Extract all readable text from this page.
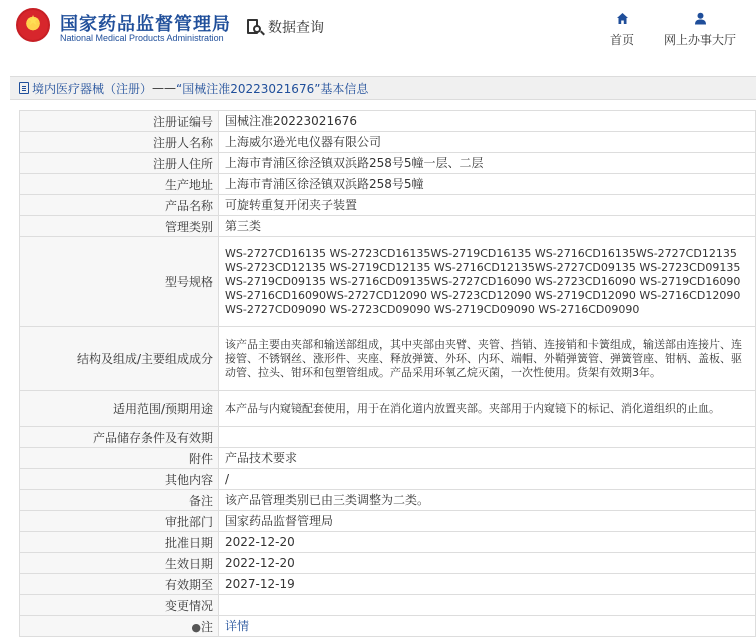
★	国家药品监督管理局
National Medical Products Administration
数据查询
首页	网上办事大厅
境内医疗器械（注册） —— “国械注准20223021676”基本信息
注册证编号	国械注准20223021676
注册人名称	上海威尔逊光电仪器有限公司
注册人住所	上海市青浦区徐泾镇双浜路258号5幢一层、二层
生产地址	上海市青浦区徐泾镇双浜路258号5幢
产品名称	可旋转重复开闭夹子装置
管理类别	第三类
型号规格	WS-2727CD16135 WS-2723CD16135WS-2719CD16135 WS-2716CD16135WS-2727CD12135 WS-2723CD12135 WS-2719CD12135 WS-2716CD12135WS-2727CD09135 WS-2723CD09135 WS-2719CD09135 WS-2716CD09135WS-2727CD16090 WS-2723CD16090 WS-2719CD16090 WS-2716CD16090WS-2727CD12090 WS-2723CD12090 WS-2719CD12090 WS-2716CD12090WS-2727CD09090 WS-2723CD09090 WS-2719CD09090 WS-2716CD09090
结构及组成/主要组成成分	该产品主要由夹部和输送部组成，其中夹部由夹臂、夹管、挡销、连接销和卡簧组成，输送部由连接片、连接管、不锈钢丝、涨形件、夹座、释放弹簧、外环、内环、端帽、外鞘弹簧管、弹簧管座、钳柄、盖板、驱动管、拉头、钳环和包塑管组成。产品采用环氧乙烷灭菌，一次性使用。货架有效期3年。
适用范围/预期用途	本产品与内窥镜配套使用，用于在消化道内放置夹部。夹部用于内窥镜下的标记、消化道组织的止血。
产品储存条件及有效期	
附件	产品技术要求
其他内容	/
备注	该产品管理类别已由三类调整为二类。
审批部门	国家药品监督管理局
批准日期	2022-12-20
生效日期	2022-12-20
有效期至	2027-12-19
变更情况	
●注	详情
